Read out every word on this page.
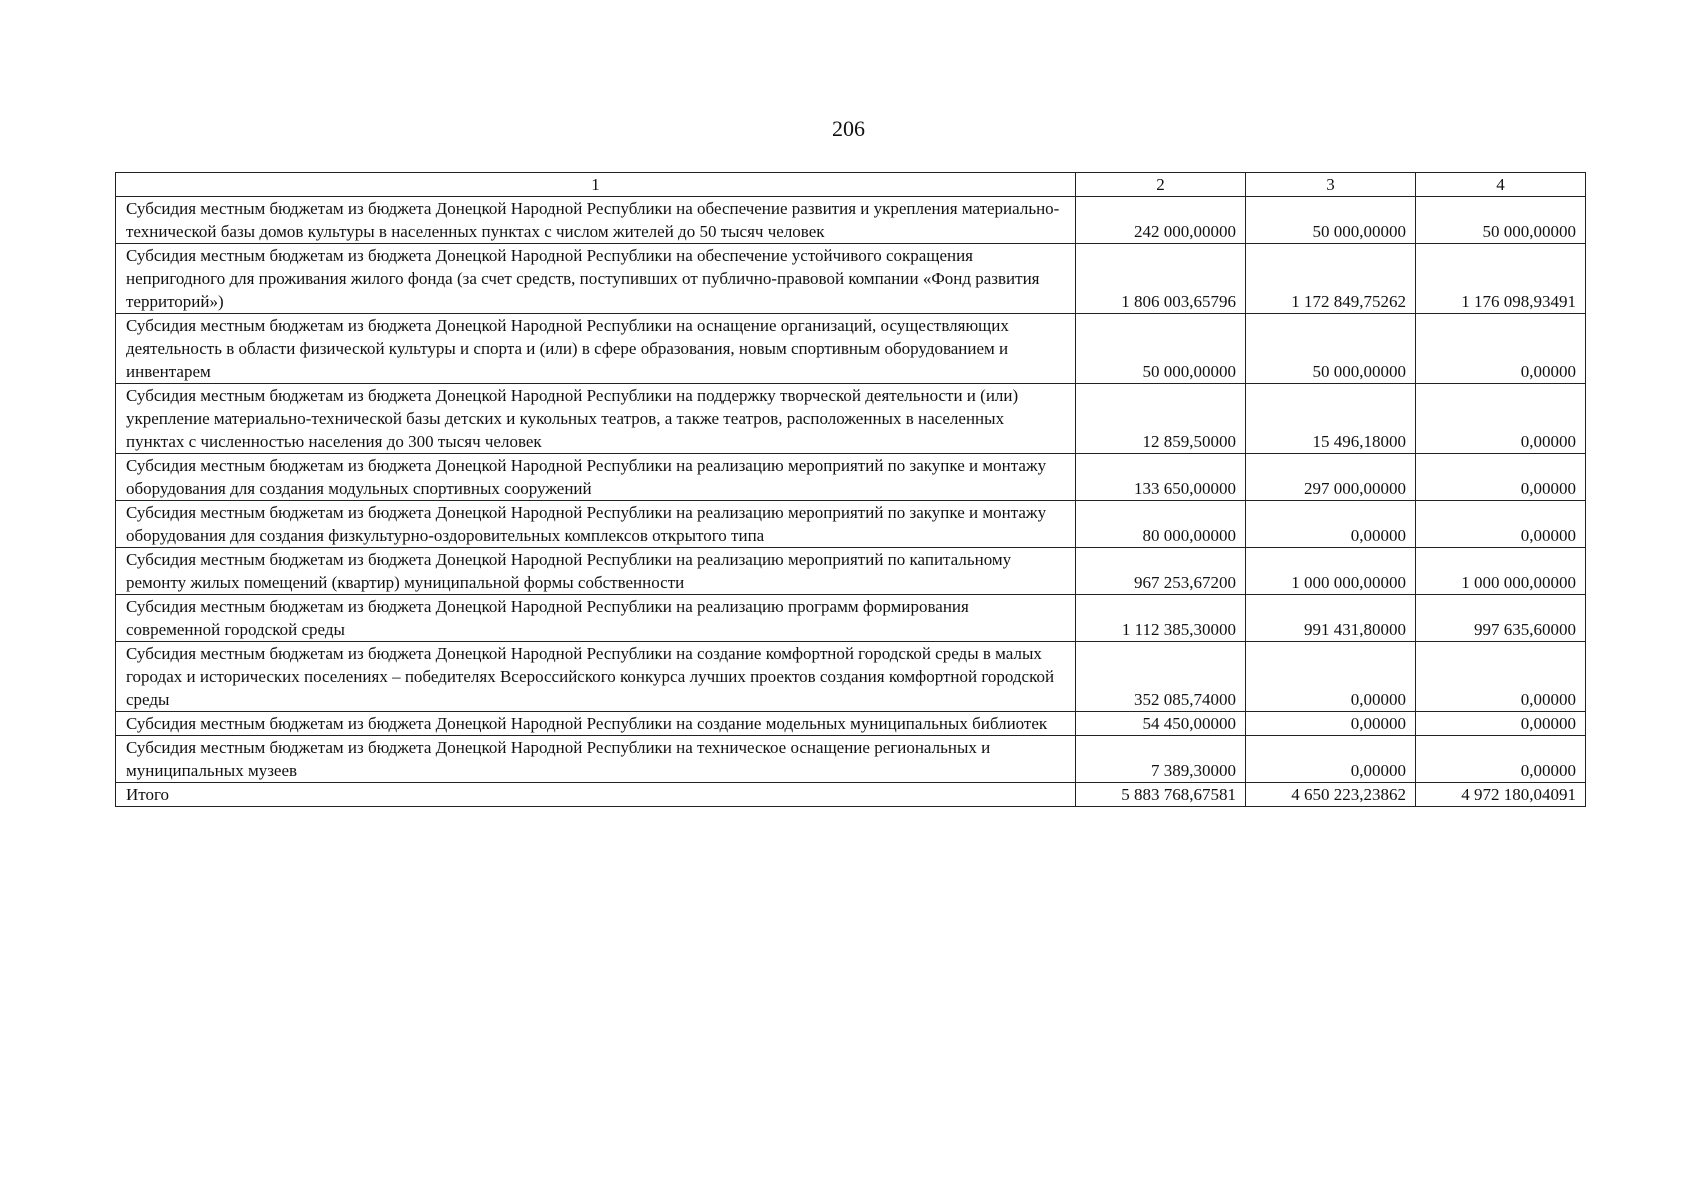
206
1	2	3	4
Субсидия местным бюджетам из бюджета Донецкой Народной Республики на обеспечение развития и укрепления материально-технической базы домов культуры в населенных пунктах с числом жителей до 50 тысяч человек	242 000,00000	50 000,00000	50 000,00000
Субсидия местным бюджетам из бюджета Донецкой Народной Республики на обеспечение устойчивого сокращения непригодного для проживания жилого фонда (за счет средств, поступивших от публично-правовой компании «Фонд развития территорий»)	1 806 003,65796	1 172 849,75262	1 176 098,93491
Субсидия местным бюджетам из бюджета Донецкой Народной Республики на оснащение организаций, осуществляющих деятельность в области физической культуры и спорта и (или) в сфере образования, новым спортивным оборудованием и инвентарем	50 000,00000	50 000,00000	0,00000
Субсидия местным бюджетам из бюджета Донецкой Народной Республики на поддержку творческой деятельности и (или) укрепление материально-технической базы детских и кукольных театров, а также театров, расположенных в населенных пунктах с численностью населения до 300 тысяч человек	12 859,50000	15 496,18000	0,00000
Субсидия местным бюджетам из бюджета Донецкой Народной Республики на реализацию мероприятий по закупке и монтажу оборудования для создания модульных спортивных сооружений	133 650,00000	297 000,00000	0,00000
Субсидия местным бюджетам из бюджета Донецкой Народной Республики на реализацию мероприятий по закупке и монтажу оборудования для создания физкультурно-оздоровительных комплексов открытого типа	80 000,00000	0,00000	0,00000
Субсидия местным бюджетам из бюджета Донецкой Народной Республики на реализацию мероприятий по капитальному ремонту жилых помещений (квартир) муниципальной формы собственности	967 253,67200	1 000 000,00000	1 000 000,00000
Субсидия местным бюджетам из бюджета Донецкой Народной Республики на реализацию программ формирования современной городской среды	1 112 385,30000	991 431,80000	997 635,60000
Субсидия местным бюджетам из бюджета Донецкой Народной Республики на создание комфортной городской среды в малых городах и исторических поселениях – победителях Всероссийского конкурса лучших проектов создания комфортной городской среды	352 085,74000	0,00000	0,00000
Субсидия местным бюджетам из бюджета Донецкой Народной Республики на создание модельных муниципальных библиотек	54 450,00000	0,00000	0,00000
Субсидия местным бюджетам из бюджета Донецкой Народной Республики на техническое оснащение региональных и муниципальных музеев	7 389,30000	0,00000	0,00000
Итого	5 883 768,67581	4 650 223,23862	4 972 180,04091
